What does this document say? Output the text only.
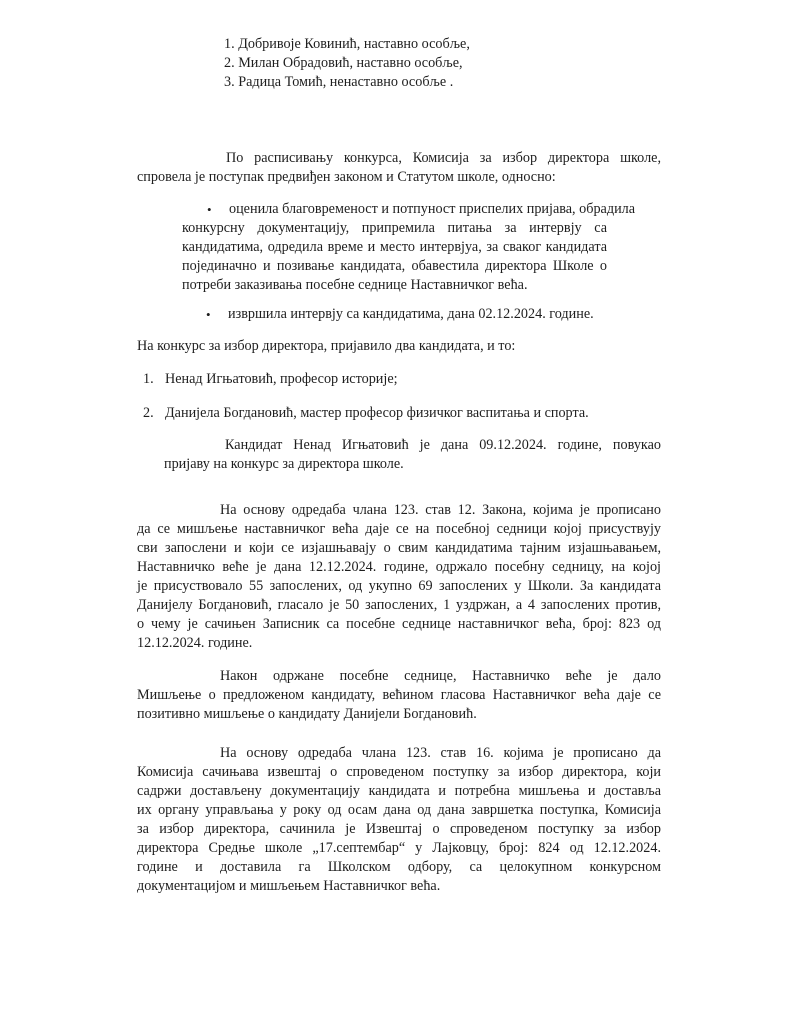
1. Добривоје Ковинић, наставно особље,
2. Милан Обрадовић, наставно особље,
3. Радица Томић, ненаставно особље .
По расписивању конкурса, Комисија за избор директора школе,
спровела је поступак предвиђен законом и Статутом школе, односно:
• оценила благовременост и потпуност приспелих пријава, обрадила
конкурсну документацију, припремила питања за интервју са
кандидатима, одредила време и место интервјуа, за сваког кандидата
појединачно и позивање кандидата, обавестила директора Школе о
потреби заказивања посебне седнице Наставничког већа.
• извршила интервју са кандидатима, дана 02.12.2024. године.
На конкурс за избор директора, пријавило два кандидата, и то:
1. Ненад Игњатовић, професор историје;
2. Данијела Богдановић, мастер професор физичког васпитања и спорта.
Кандидат Ненад Игњатовић је дана 09.12.2024. године, повукао
пријаву на конкурс за директора школе.
На основу одредаба члана 123. став 12. Закона, којима је прописано
да се мишљење наставничког већа даје се на посебној седници којој присуствују
сви запослени и који се изјашњавају о свим кандидатима тајним изјашњавањем,
Наставничко веће је дана 12.12.2024. године, одржало посебну седницу, на којој
је присуствовало 55 запослених, од укупно 69 запослених у Школи. За кандидата
Данијелу Богдановић, гласало је 50 запослених, 1 уздржан, а 4 запослених против,
о чему је сачињен Записник са посебне седнице наставничког већа, број: 823 од
12.12.2024. године.
Након одржане посебне седнице, Наставничко веће је дало
Мишљење о предложеном кандидату, већином гласова Наставничког већа даје се
позитивно мишљење о кандидату Данијели Богдановић.
На основу одредаба члана 123. став 16. којима је прописано да
Комисија сачињава извештај о спроведеном поступку за избор директора, који
садржи достављену документацију кандидата и потребна мишљења и доставља
их органу управљања у року од осам дана од дана завршетка поступка, Комисија
за избор директора, сачинила је Извештај о спроведеном поступку за избор
директора Средње школе „17.септембар“ у Лајковцу, број: 824 од 12.12.2024.
године и доставила га Школском одбору, са целокупном конкурсном
документацијом и мишљењем Наставничког већа.
